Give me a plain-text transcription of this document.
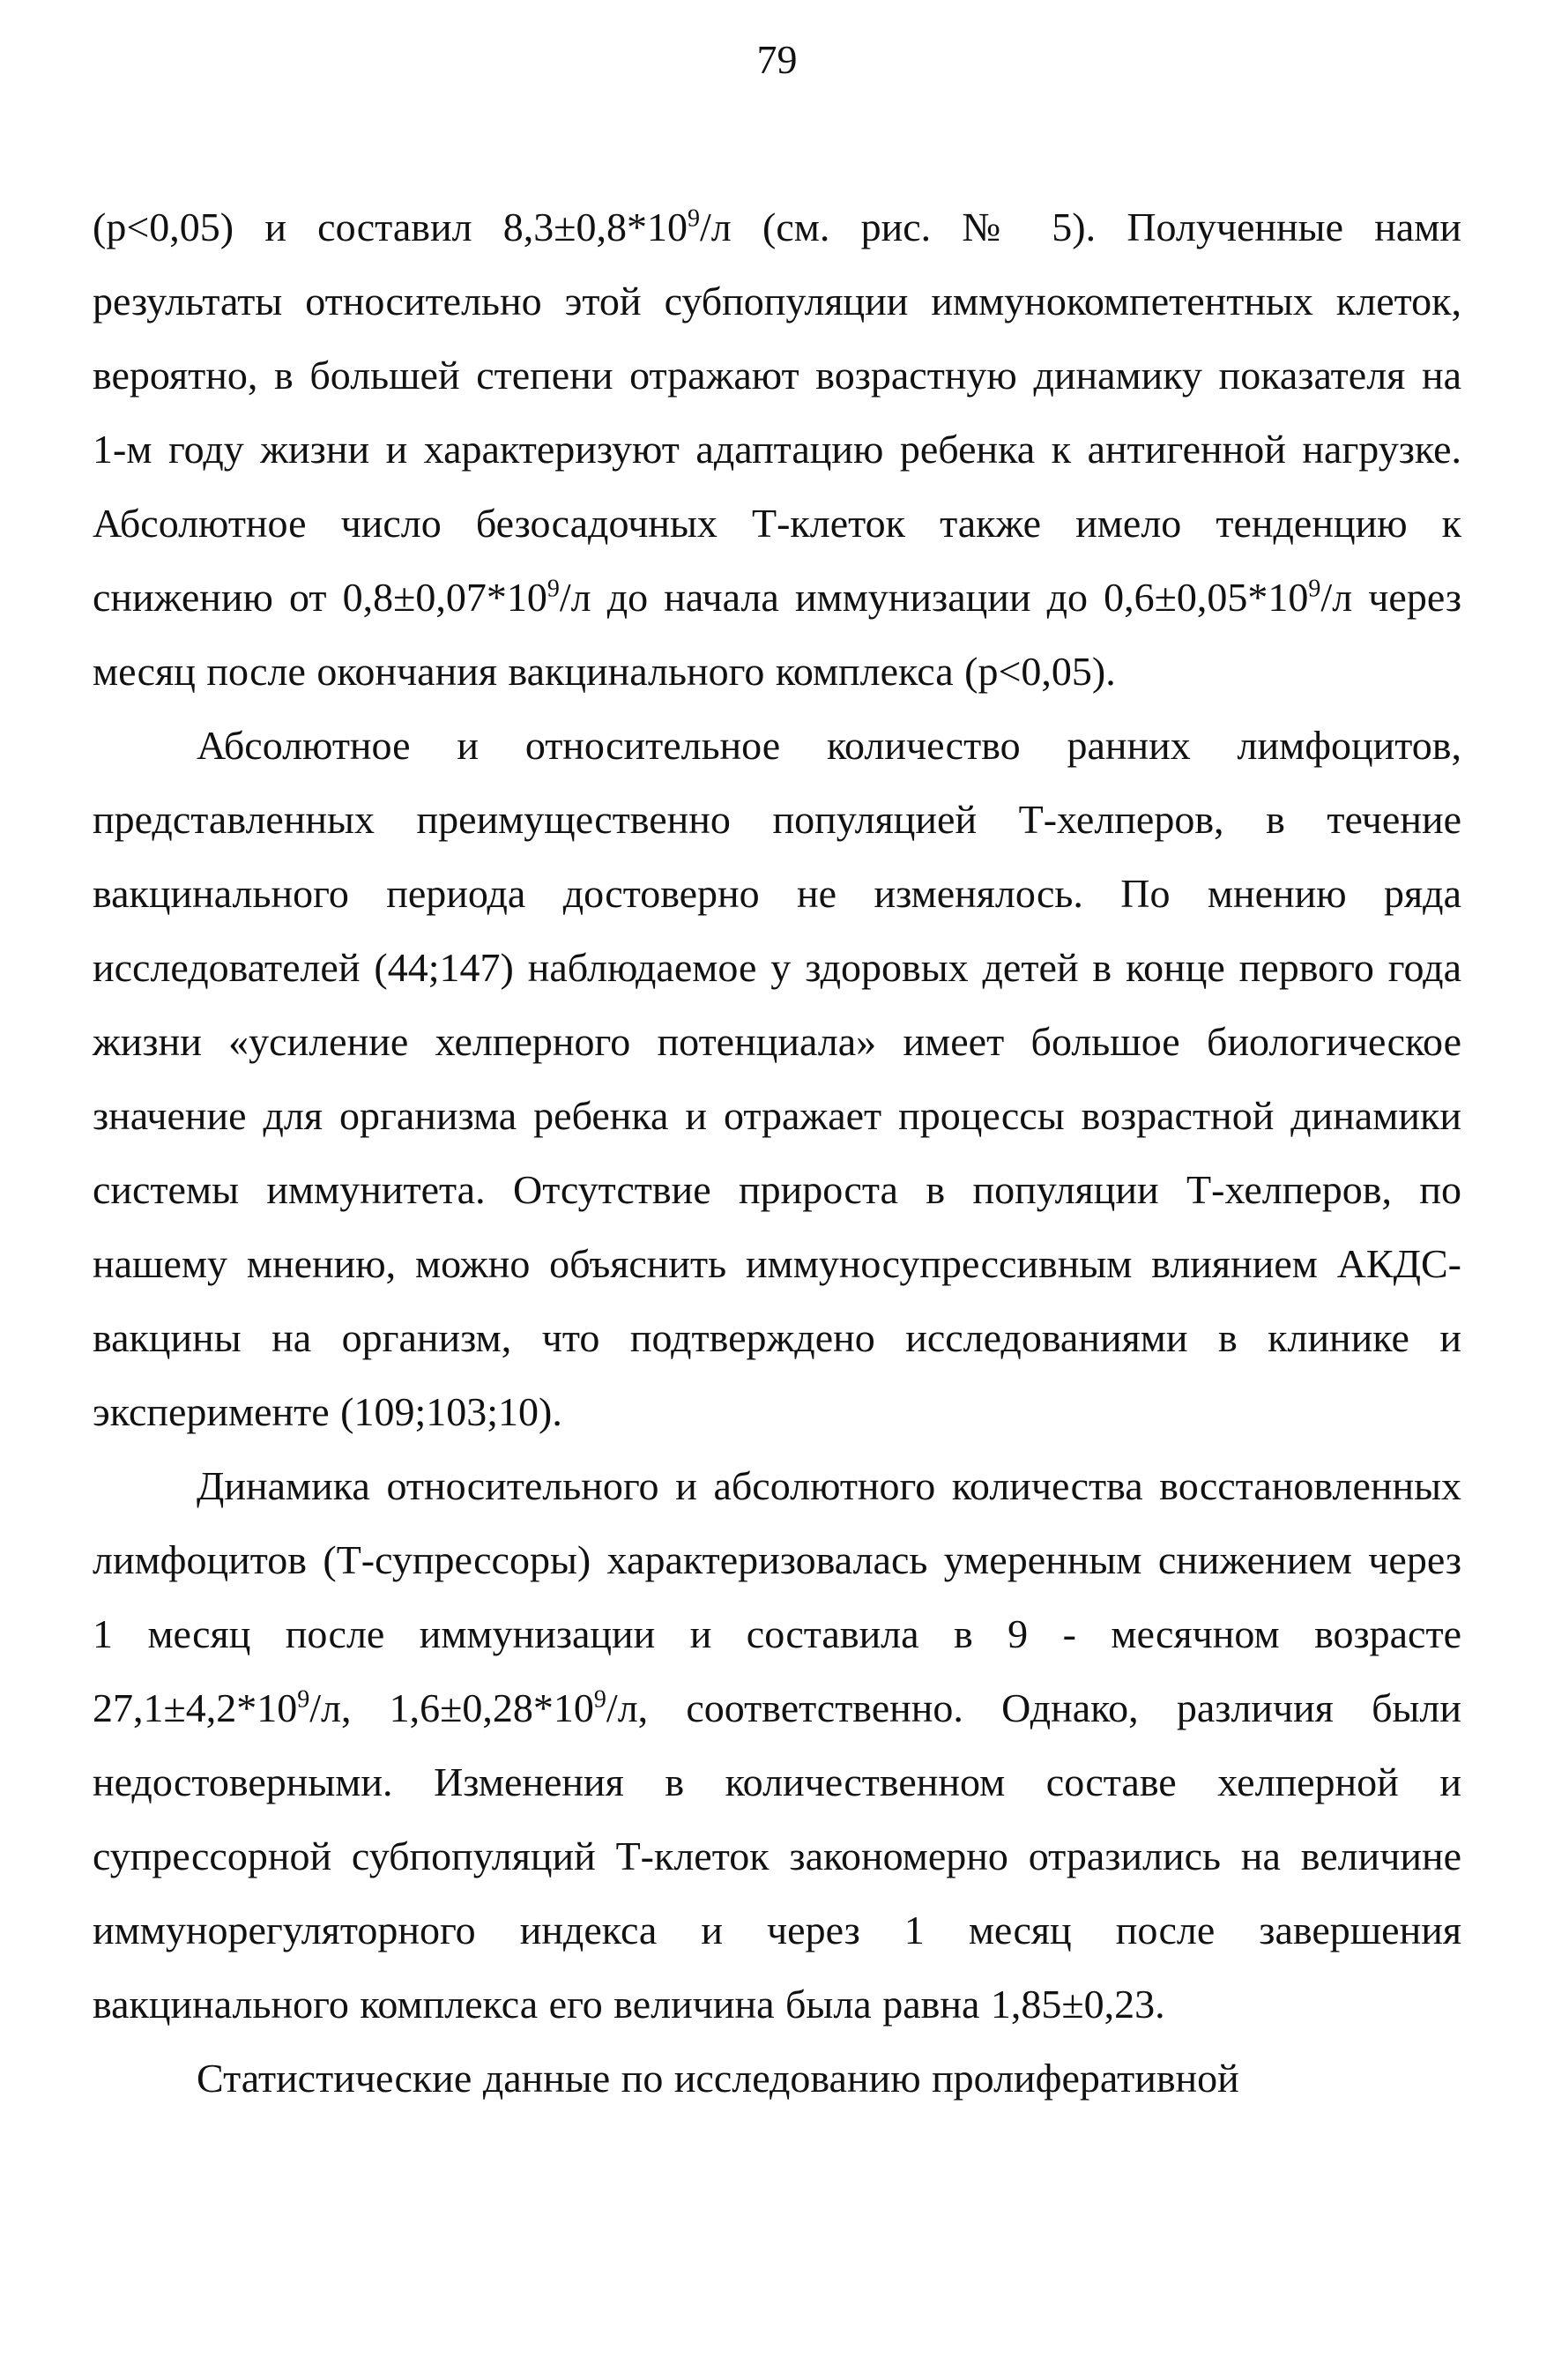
79

(p<0,05) и составил $8,3\pm 0,8*10^9/л$ (см. рис. № 5). Полученные нами результаты относительно этой субпопуляции иммунокомпетентных клеток, вероятно, в большей степени отражают возрастную динамику показателя на 1-м году жизни и характеризуют адаптацию ребенка к антигенной нагрузке. Абсолютное число безосадочных Т-клеток также имело тенденцию к снижению от $0,8\pm 0,07*10^9/л$ до начала иммунизации до $0,6\pm 0,05*10^9/л$ через месяц после окончания вакцинального комплекса (p<0,05).

Абсолютное и относительное количество ранних лимфоцитов, представленных преимущественно популяцией Т-хелперов, в течение вакцинального периода достоверно не изменялось. По мнению ряда исследователей (44;147) наблюдаемое у здоровых детей в конце первого года жизни «усиление хелперного потенциала» имеет большое биологическое значение для организма ребенка и отражает процессы возрастной динамики системы иммунитета. Отсутствие прироста в популяции Т-хелперов, по нашему мнению, можно объяснить иммуносупрессивным влиянием АКДС-вакцины на организм, что подтверждено исследованиями в клинике и эксперименте (109;103;10).

Динамика относительного и абсолютного количества восстановленных лимфоцитов (Т-супрессоры) характеризовалась умеренным снижением через 1 месяц после иммунизации и составила в 9 - месячном возрасте $27,1\pm 4,2*10^9/л$, $1,6\pm 0,28*10^9/л$, соответственно. Однако, различия были недостоверными. Изменения в количественном составе хелперной и супрессорной субпопуляций Т-клеток закономерно отразились на величине иммунорегуляторного индекса и через 1 месяц после завершения вакцинального комплекса его величина была равна 1,85±0,23.

Статистические данные по исследованию пролиферативной
